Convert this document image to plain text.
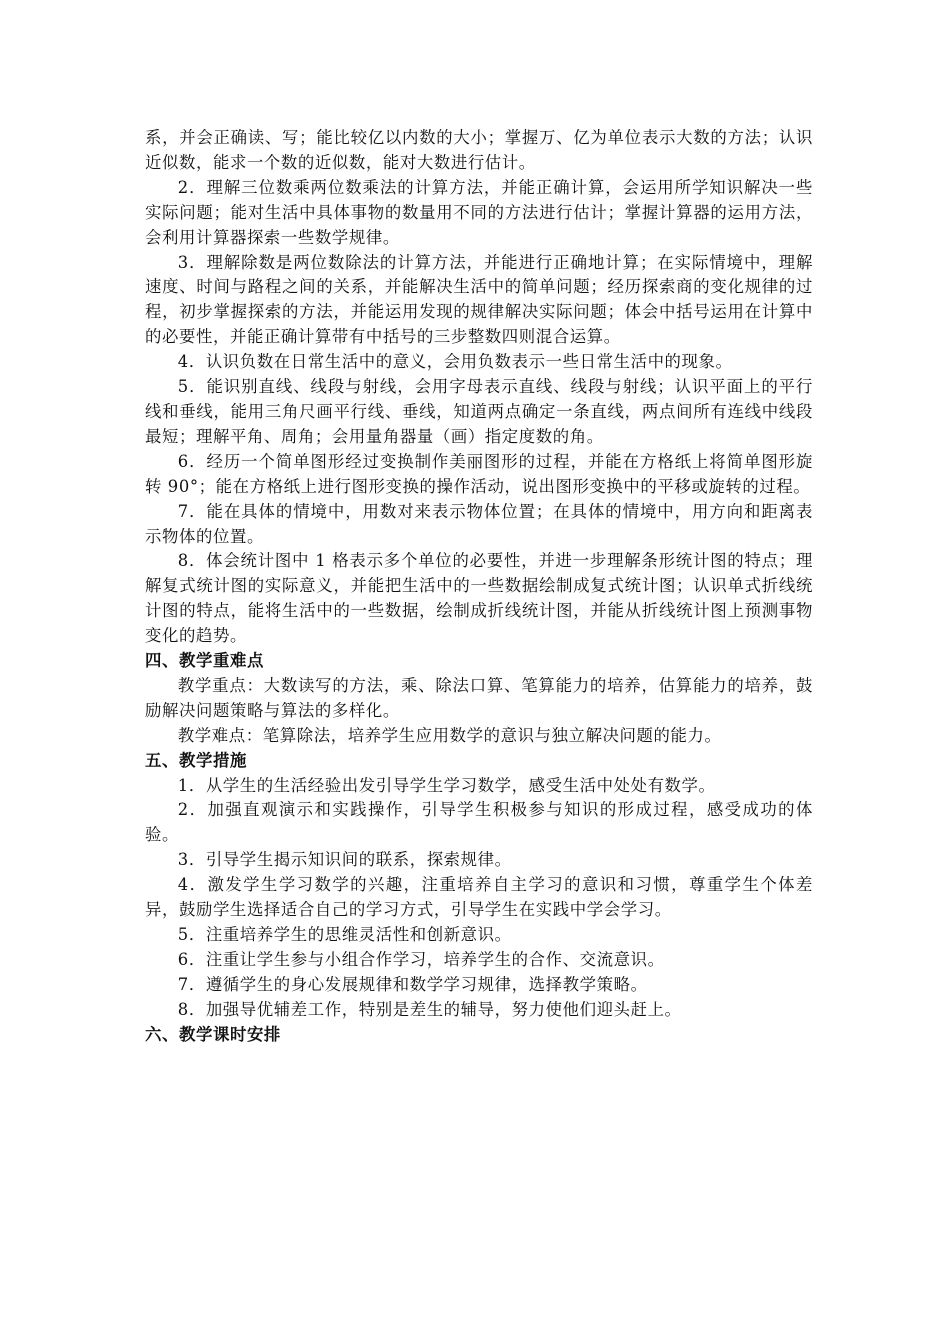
系，并会正确读、写；能比较亿以内数的大小；掌握万、亿为单位表示大数的方法；认识近似数，能求一个数的近似数，能对大数进行估计。

2．理解三位数乘两位数乘法的计算方法，并能正确计算，会运用所学知识解决一些实际问题；能对生活中具体事物的数量用不同的方法进行估计；掌握计算器的运用方法，会利用计算器探索一些数学规律。

3．理解除数是两位数除法的计算方法，并能进行正确地计算；在实际情境中，理解速度、时间与路程之间的关系，并能解决生活中的简单问题；经历探索商的变化规律的过程，初步掌握探索的方法，并能运用发现的规律解决实际问题；体会中括号运用在计算中的必要性，并能正确计算带有中括号的三步整数四则混合运算。

4．认识负数在日常生活中的意义，会用负数表示一些日常生活中的现象。

5．能识别直线、线段与射线，会用字母表示直线、线段与射线；认识平面上的平行线和垂线，能用三角尺画平行线、垂线，知道两点确定一条直线，两点间所有连线中线段最短；理解平角、周角；会用量角器量（画）指定度数的角。

6．经历一个简单图形经过变换制作美丽图形的过程，并能在方格纸上将简单图形旋转 90°；能在方格纸上进行图形变换的操作活动，说出图形变换中的平移或旋转的过程。

7．能在具体的情境中，用数对来表示物体位置；在具体的情境中，用方向和距离表示物体的位置。

8．体会统计图中 1 格表示多个单位的必要性，并进一步理解条形统计图的特点；理解复式统计图的实际意义，并能把生活中的一些数据绘制成复式统计图；认识单式折线统计图的特点，能将生活中的一些数据，绘制成折线统计图，并能从折线统计图上预测事物变化的趋势。

四、教学重难点

教学重点：大数读写的方法，乘、除法口算、笔算能力的培养，估算能力的培养，鼓励解决问题策略与算法的多样化。

教学难点：笔算除法，培养学生应用数学的意识与独立解决问题的能力。

五、教学措施

1．从学生的生活经验出发引导学生学习数学，感受生活中处处有数学。

2．加强直观演示和实践操作，引导学生积极参与知识的形成过程，感受成功的体验。

3．引导学生揭示知识间的联系，探索规律。

4．激发学生学习数学的兴趣，注重培养自主学习的意识和习惯，尊重学生个体差异，鼓励学生选择适合自己的学习方式，引导学生在实践中学会学习。

5．注重培养学生的思维灵活性和创新意识。

6．注重让学生参与小组合作学习，培养学生的合作、交流意识。

7．遵循学生的身心发展规律和数学学习规律，选择教学策略。

8．加强导优辅差工作，特别是差生的辅导，努力使他们迎头赶上。

六、教学课时安排
